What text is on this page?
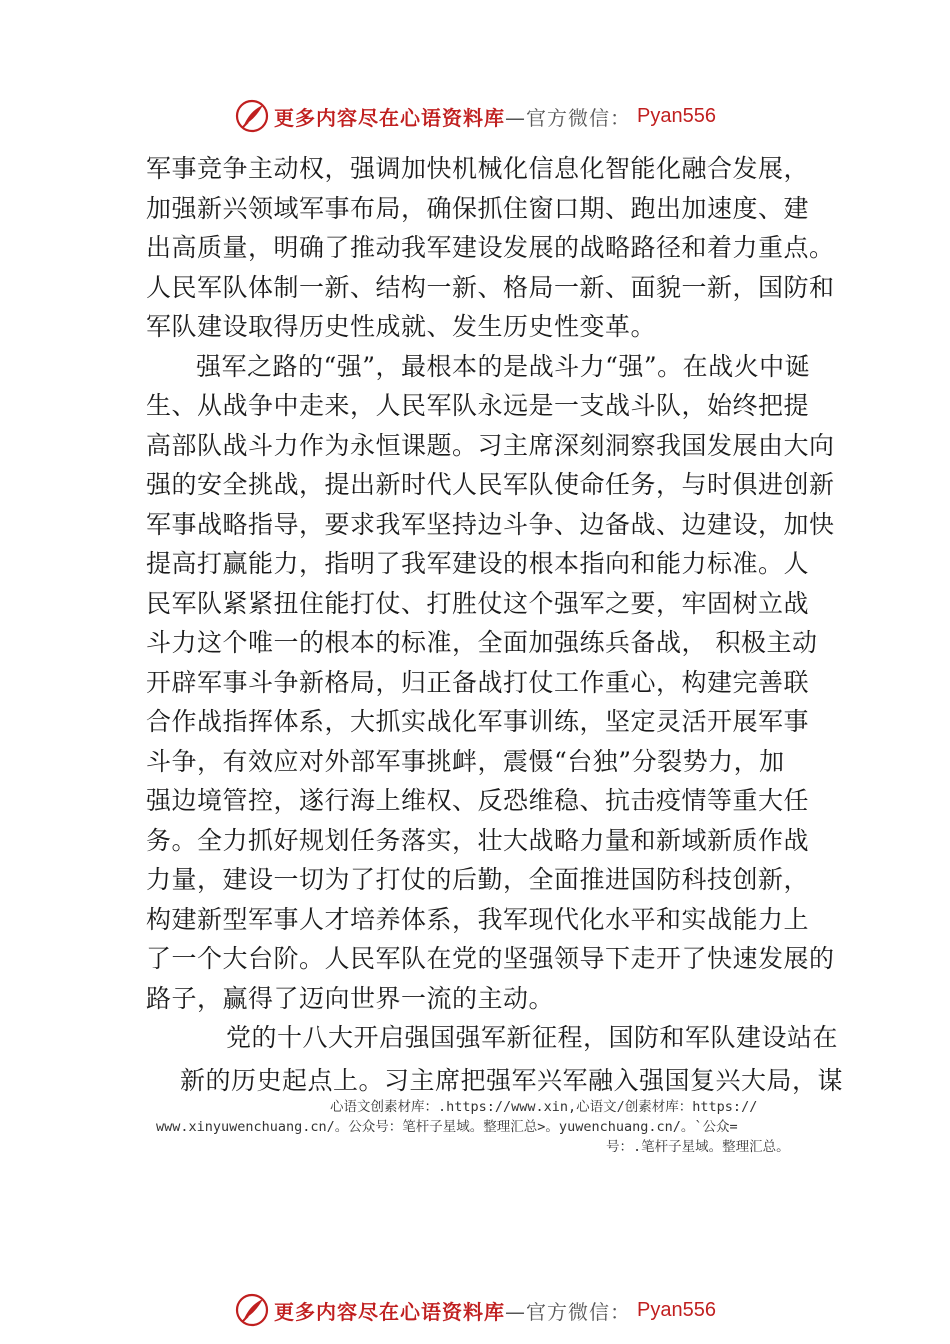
更多内容尽在心语资料库 —官方微信： Pyan556
军事竞争主动权，强调加快机械化信息化智能化融合发展，
加强新兴领域军事布局，确保抓住窗口期、跑出加速度、建
出高质量，明确了推动我军建设发展的战略路径和着力重点。
人民军队体制一新、结构一新、格局一新、面貌一新，国防和
军队建设取得历史性成就、发生历史性变革。
强军之路的“强”，最根本的是战斗力“强”。在战火中诞
生、从战争中走来，人民军队永远是一支战斗队，始终把提
高部队战斗力作为永恒课题。习主席深刻洞察我国发展由大向
强的安全挑战，提出新时代人民军队使命任务，与时俱进创新
军事战略指导，要求我军坚持边斗争、边备战、边建设，加快
提高打赢能力，指明了我军建设的根本指向和能力标准。人
民军队紧紧扭住能打仗、打胜仗这个强军之要，牢固树立战
斗力这个唯一的根本的标准，全面加强练兵备战， 积极主动
开辟军事斗争新格局，归正备战打仗工作重心，构建完善联
合作战指挥体系，大抓实战化军事训练，坚定灵活开展军事
斗争，有效应对外部军事挑衅，震慑“台独”分裂势力，加
强边境管控，遂行海上维权、反恐维稳、抗击疫情等重大任
务。全力抓好规划任务落实，壮大战略力量和新域新质作战
力量，建设一切为了打仗的后勤，全面推进国防科技创新，
构建新型军事人才培养体系，我军现代化水平和实战能力上
了一个大台阶。人民军队在党的坚强领导下走开了快速发展的
路子，赢得了迈向世界一流的主动。
党的十八大开启强国强军新征程，国防和军队建设站在
新的历史起点上。习主席把强军兴军融入强国复兴大局，谋
心语文创素材库：.https://www.xin,心语文/创素材库：https://
www.xinyuwenchuang.cn/。公众号：笔杆子星域。整理汇总>。yuwenchuang.cn/。`公众=
号：.笔杆子星域。整理汇总。
更多内容尽在心语资料库 —官方微信： Pyan556
